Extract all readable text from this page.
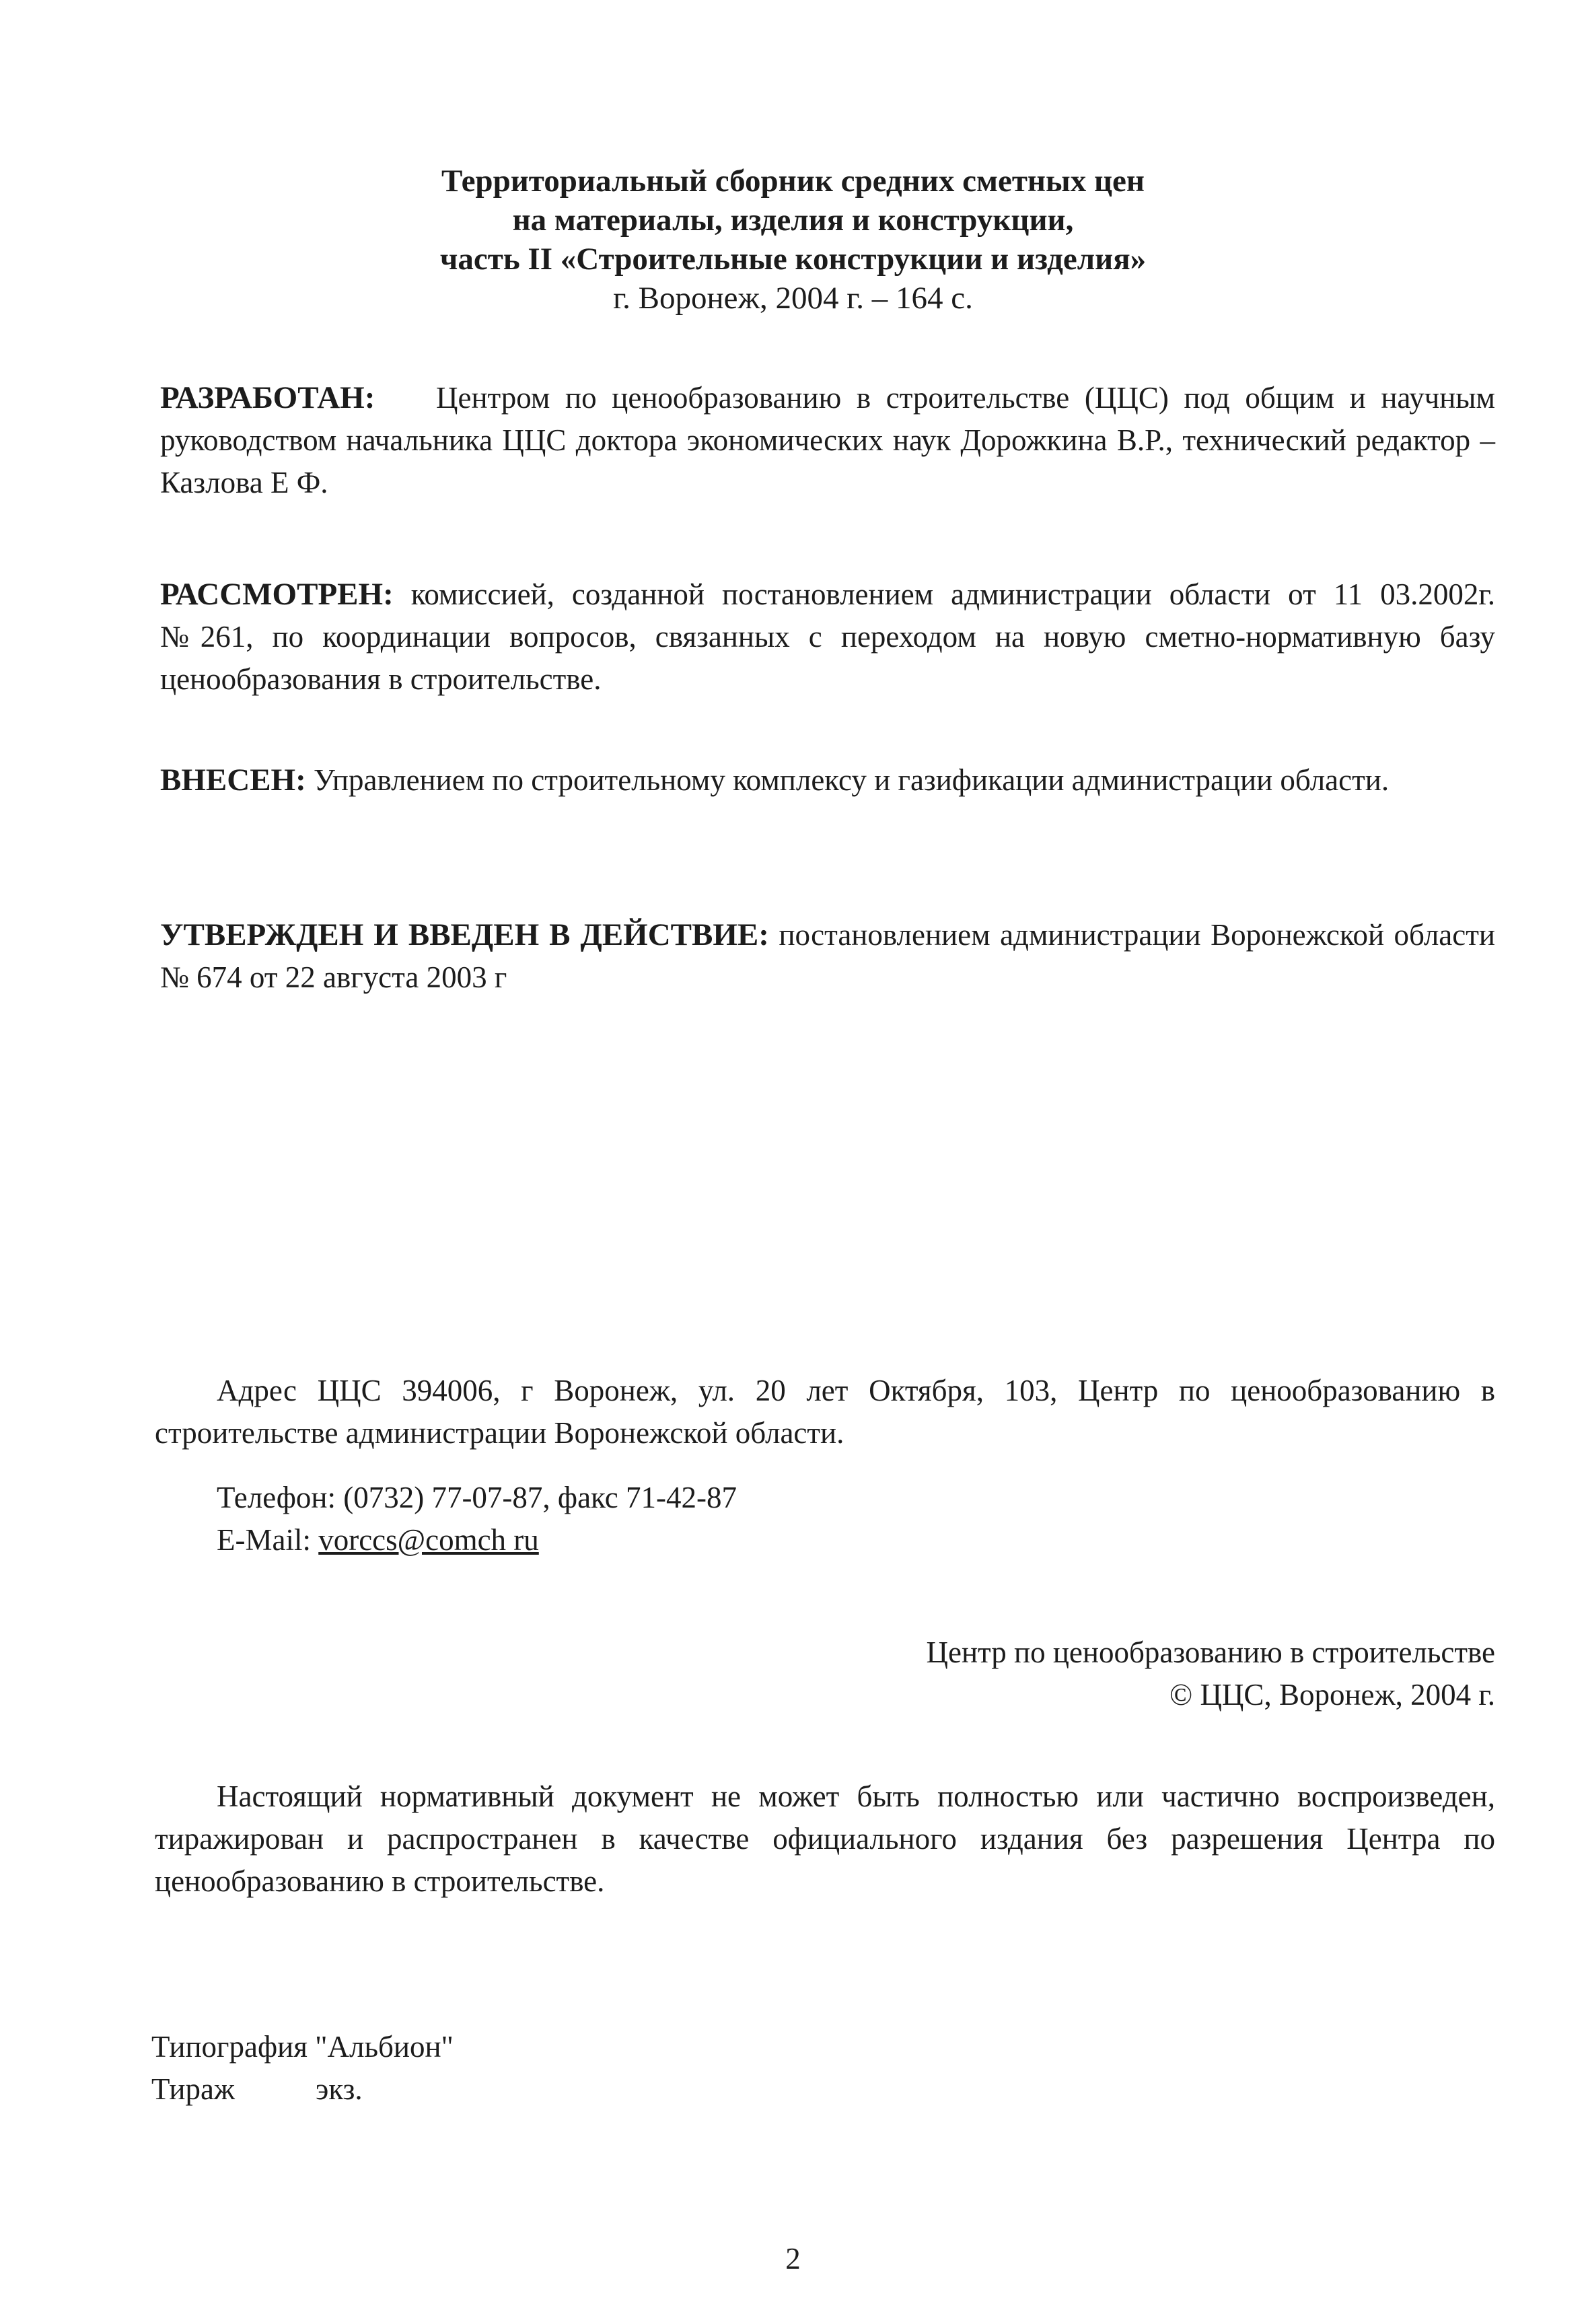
Территориальный сборник средних сметных цен
на материалы, изделия и конструкции,
часть II «Строительные конструкции и изделия»
г. Воронеж, 2004 г. – 164 с.
РАЗРАБОТАН: Центром по ценообразованию в строительстве (ЦЦС) под общим и научным руководством начальника ЦЦС доктора экономических наук Дорожкина В.Р., технический редактор – Казлова Е Ф.
РАССМОТРЕН: комиссией, созданной постановлением администрации области от 11 03.2002г. №261, по координации вопросов, связанных с переходом на новую сметно-нормативную базу ценообразования в строительстве.
ВНЕСЕН: Управлением по строительному комплексу и газификации администрации области.
УТВЕРЖДЕН И ВВЕДЕН В ДЕЙСТВИЕ: постановлением администрации Воронежской области № 674 от 22 августа 2003 г
Адрес ЦЦС 394006, г Воронеж, ул. 20 лет Октября, 103, Центр по ценообразованию в строительстве администрации Воронежской области.
Телефон: (0732) 77-07-87, факс 71-42-87
E-Mail: vorccs@comch ru
Центр по ценообразованию в строительстве
© ЦЦС, Воронеж, 2004 г.
Настоящий нормативный документ не может быть полностью или частично воспроизведен, тиражирован и распространен в качестве официального издания без разрешения Центра по ценообразованию в строительстве.
Типография "Альбион"
Тираж	экз.
2
